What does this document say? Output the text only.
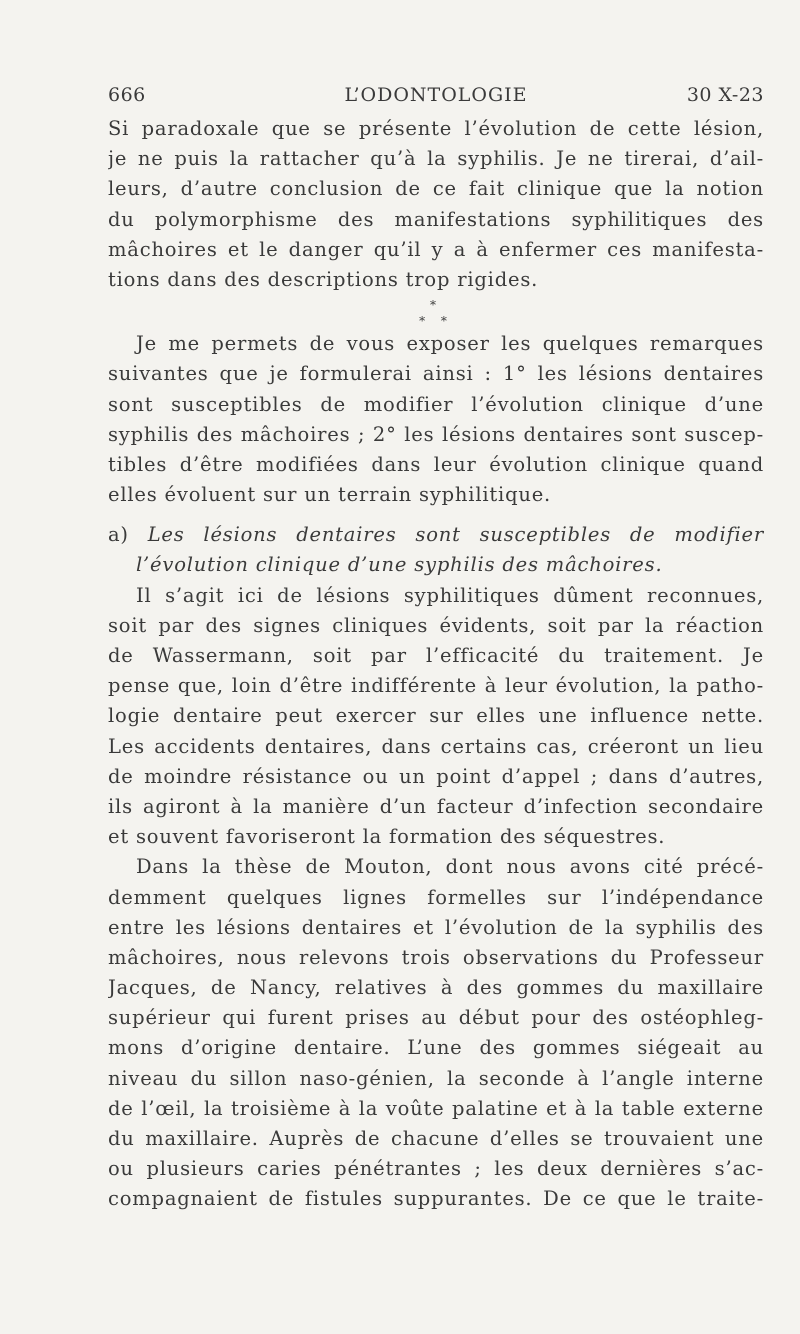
666	L’ODONTOLOGIE	30 X-23
Si paradoxale que se présente l’évolution de cette lésion,
je ne puis la rattacher qu’à la syphilis. Je ne tirerai, d’ail-
leurs, d’autre conclusion de ce fait clinique que la notion
du polymorphisme des manifestations syphilitiques des
mâchoires et le danger qu’il y a à enfermer ces manifesta-
tions dans des descriptions trop rigides.
*
* *
Je me permets de vous exposer les quelques remarques
suivantes que je formulerai ainsi : 1° les lésions dentaires
sont susceptibles de modifier l’évolution clinique d’une
syphilis des mâchoires ; 2° les lésions dentaires sont suscep-
tibles d’être modifiées dans leur évolution clinique quand
elles évoluent sur un terrain syphilitique.
a) Les lésions dentaires sont susceptibles de modifier
l’évolution clinique d’une syphilis des mâchoires.
Il s’agit ici de lésions syphilitiques dûment reconnues,
soit par des signes cliniques évidents, soit par la réaction
de Wassermann, soit par l’efficacité du traitement. Je
pense que, loin d’être indifférente à leur évolution, la patho-
logie dentaire peut exercer sur elles une influence nette.
Les accidents dentaires, dans certains cas, créeront un lieu
de moindre résistance ou un point d’appel ; dans d’autres,
ils agiront à la manière d’un facteur d’infection secondaire
et souvent favoriseront la formation des séquestres.
Dans la thèse de Mouton, dont nous avons cité précé-
demment quelques lignes formelles sur l’indépendance
entre les lésions dentaires et l’évolution de la syphilis des
mâchoires, nous relevons trois observations du Professeur
Jacques, de Nancy, relatives à des gommes du maxillaire
supérieur qui furent prises au début pour des ostéophleg-
mons d’origine dentaire. L’une des gommes siégeait au
niveau du sillon naso-génien, la seconde à l’angle interne
de l’œil, la troisième à la voûte palatine et à la table externe
du maxillaire. Auprès de chacune d’elles se trouvaient une
ou plusieurs caries pénétrantes ; les deux dernières s’ac-
compagnaient de fistules suppurantes. De ce que le traite-
